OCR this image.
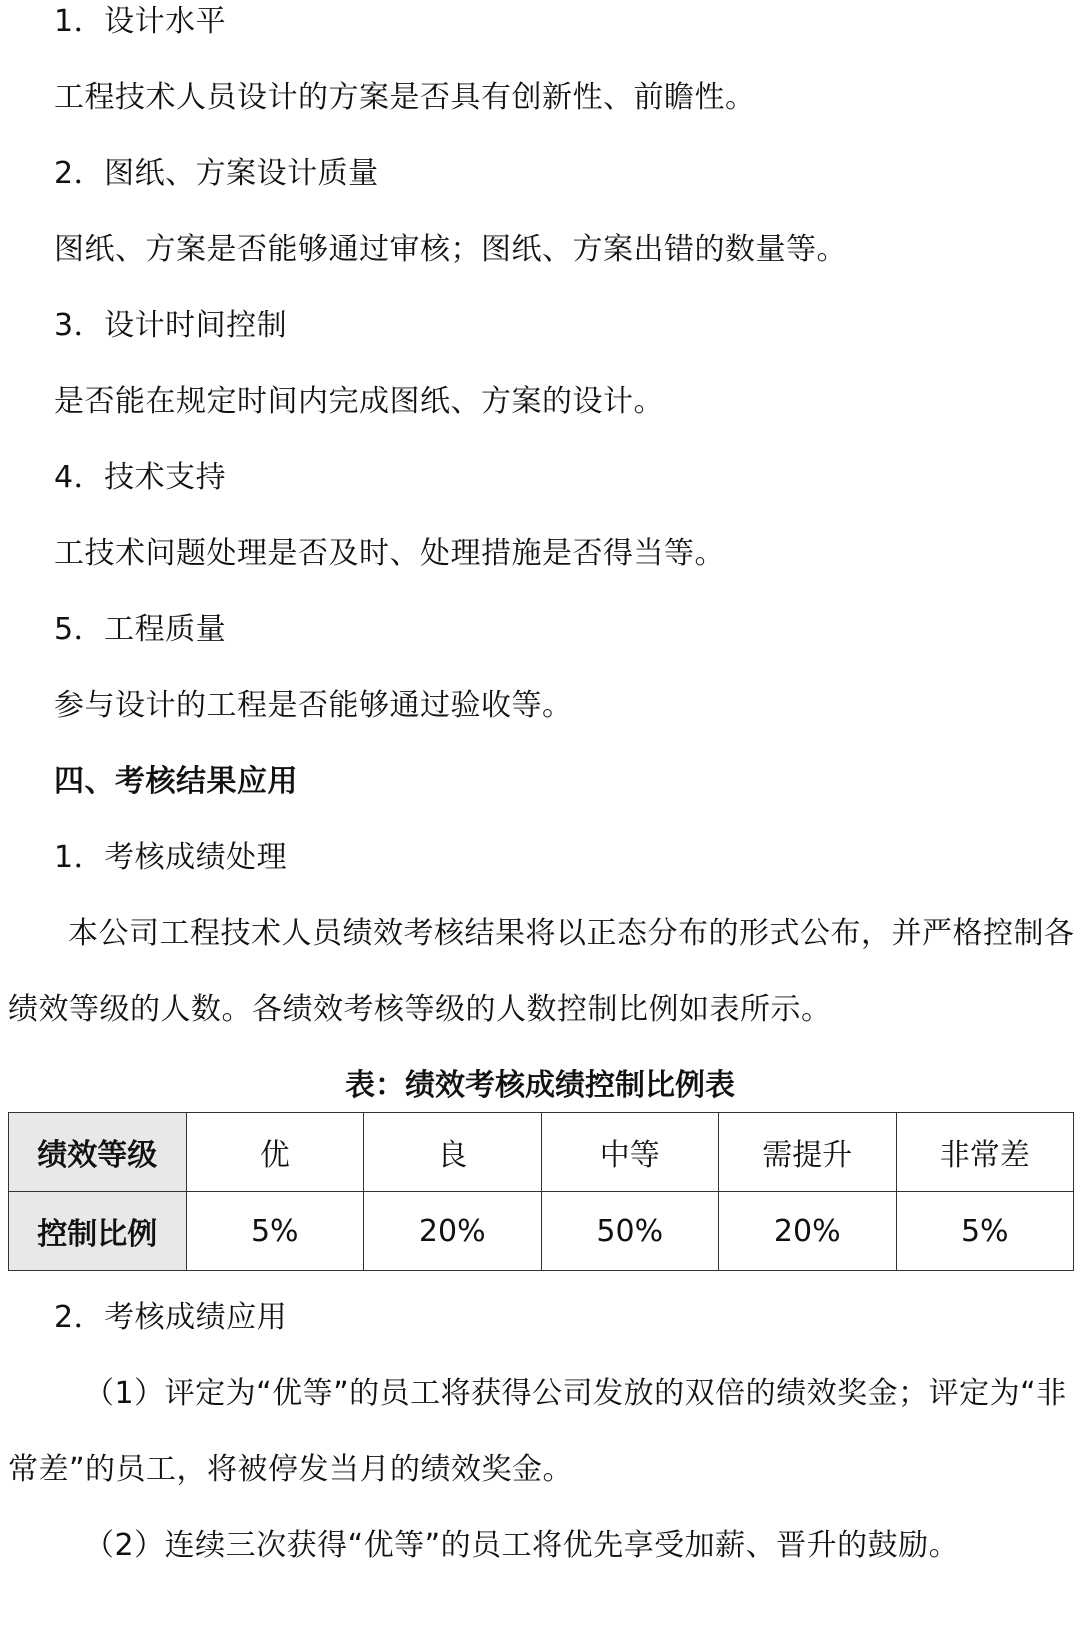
1．设计水平
工程技术人员设计的方案是否具有创新性、前瞻性。
2．图纸、方案设计质量
图纸、方案是否能够通过审核；图纸、方案出错的数量等。
3．设计时间控制
是否能在规定时间内完成图纸、方案的设计。
4．技术支持
工技术问题处理是否及时、处理措施是否得当等。
5．工程质量
参与设计的工程是否能够通过验收等。
四、考核结果应用
1．考核成绩处理
本公司工程技术人员绩效考核结果将以正态分布的形式公布，并严格控制各
绩效等级的人数。各绩效考核等级的人数控制比例如表所示。
表：绩效考核成绩控制比例表
绩效等级	优	良	中等	需提升	非常差
控制比例	5%	20%	50%	20%	5%
2．考核成绩应用
（1）评定为“优等”的员工将获得公司发放的双倍的绩效奖金；评定为“非
常差”的员工，将被停发当月的绩效奖金。
（2）连续三次获得“优等”的员工将优先享受加薪、晋升的鼓励。
